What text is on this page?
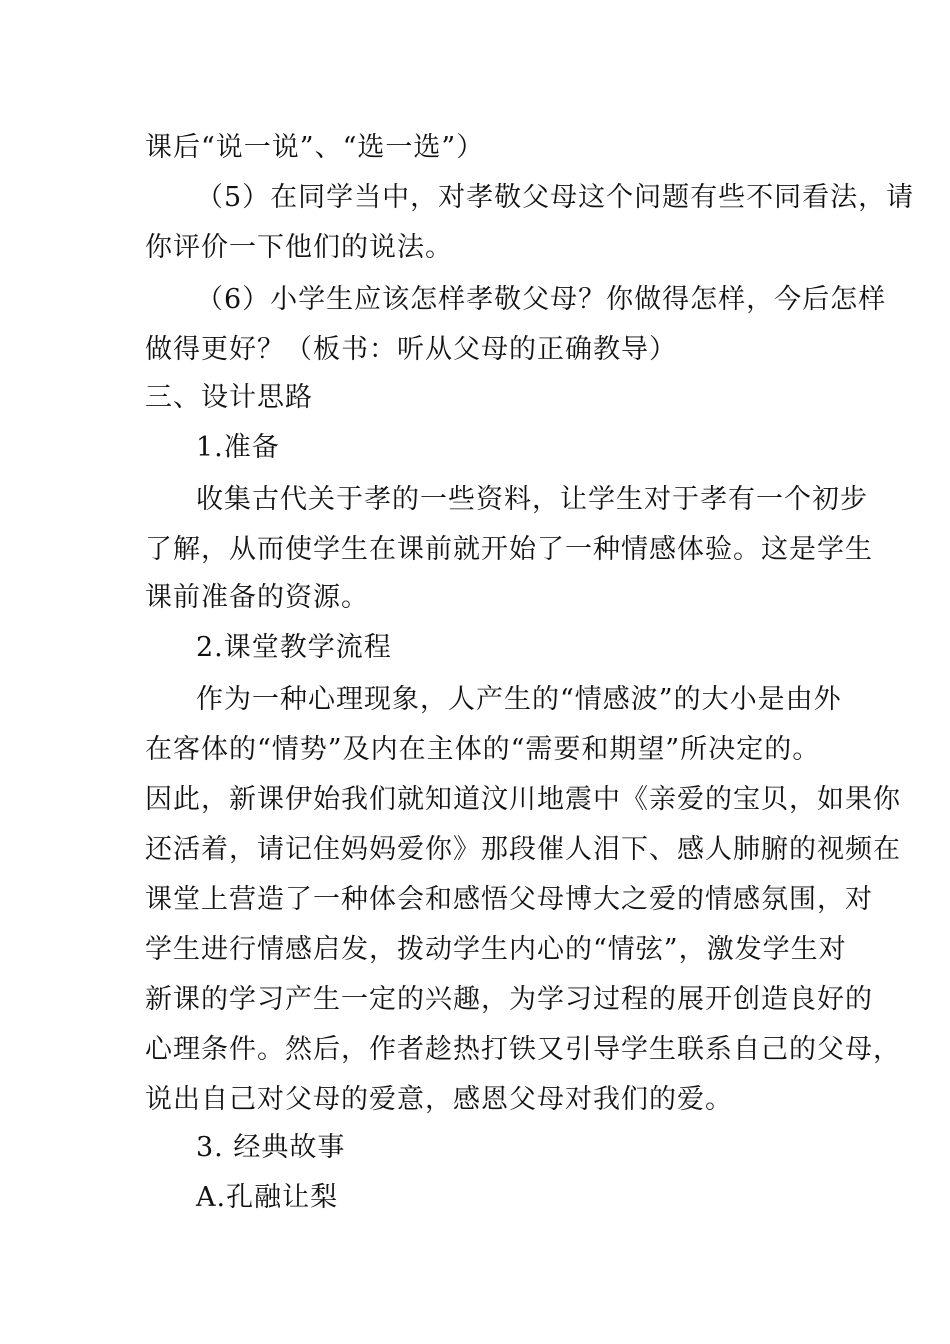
课后“说一说”、“选一选”）
（5）在同学当中，对孝敬父母这个问题有些不同看法，请
你评价一下他们的说法。
（6）小学生应该怎样孝敬父母？你做得怎样，今后怎样
做得更好？（板书：听从父母的正确教导）
三、设计思路
1.准备
收集古代关于孝的一些资料，让学生对于孝有一个初步
了解，从而使学生在课前就开始了一种情感体验。这是学生
课前准备的资源。
2.课堂教学流程
作为一种心理现象，人产生的“情感波”的大小是由外
在客体的“情势”及内在主体的“需要和期望”所决定的。
因此，新课伊始我们就知道汶川地震中《亲爱的宝贝，如果你
还活着，请记住妈妈爱你》那段催人泪下、感人肺腑的视频在
课堂上营造了一种体会和感悟父母博大之爱的情感氛围，对
学生进行情感启发，拨动学生内心的“情弦”，激发学生对
新课的学习产生一定的兴趣，为学习过程的展开创造良好的
心理条件。然后，作者趁热打铁又引导学生联系自己的父母，
说出自己对父母的爱意，感恩父母对我们的爱。
3. 经典故事
A.孔融让梨
